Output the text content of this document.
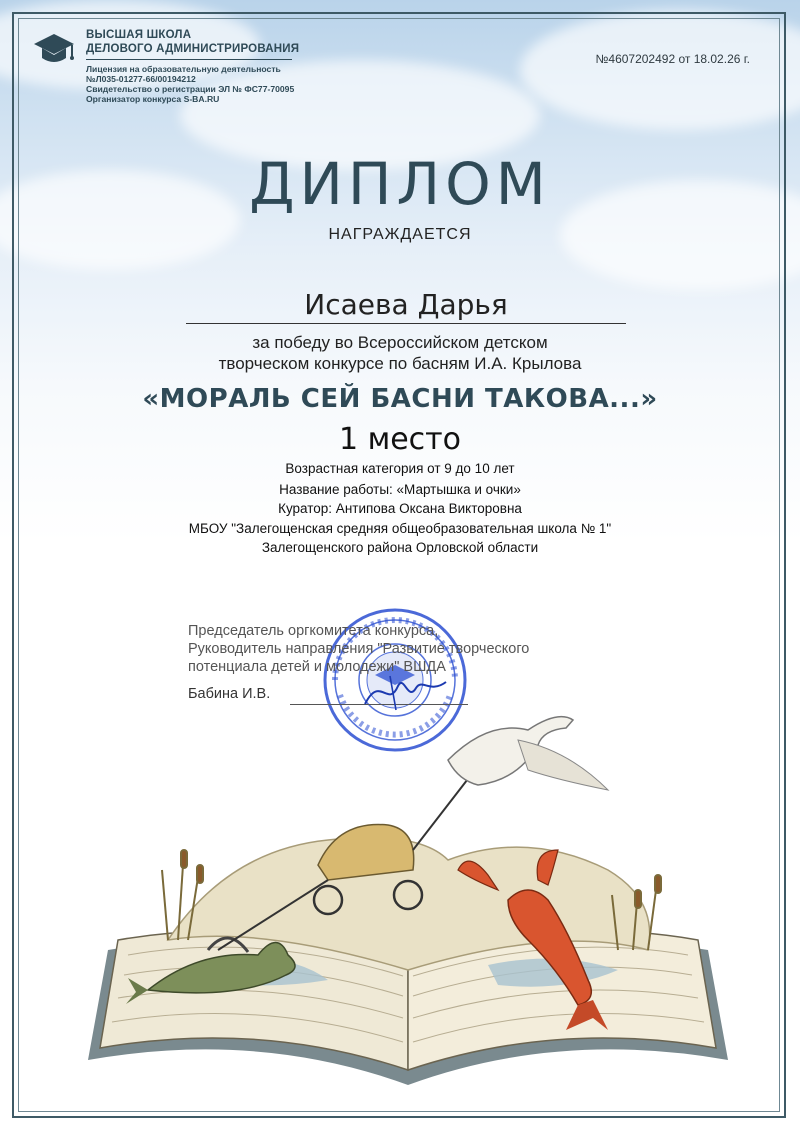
ВЫСШАЯ ШКОЛА
ДЕЛОВОГО АДМИНИСТРИРОВАНИЯ
Лицензия на образовательную деятельность
№Л035-01277-66/00194212
Свидетельство о регистрации ЭЛ № ФС77-70095
Организатор конкурса S-BA.RU
№4607202492 от 18.02.26 г.
ДИПЛОМ
НАГРАЖДАЕТСЯ
Исаева Дарья
за победу во Всероссийском детском
творческом конкурсе по басням И.А. Крылова
«МОРАЛЬ СЕЙ БАСНИ ТАКОВА...»
1 место
Возрастная категория от 9 до 10 лет
Название работы: «Мартышка и очки»
Куратор: Антипова Оксана Викторовна
МБОУ "Залегощенская средняя общеобразовательная школа № 1"
Залегощенского района Орловской области
Председатель оргкомитета конкурса,
Руководитель направления "Развитие творческого
потенциала детей и молодежи" ВШДА
Бабина И.В.
